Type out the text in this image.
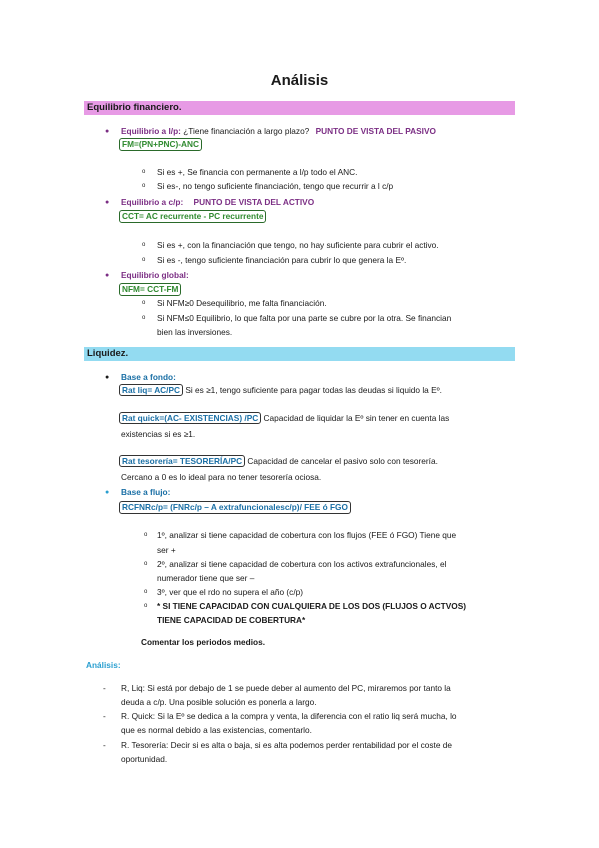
Análisis
Equilibrio financiero.
● Equilibrio a l/p: ¿Tiene financiación a largo plazo? PUNTO DE VISTA DEL PASIVO
FM=(PN+PNC)-ANC
o Si es +, Se financia con permanente a l/p todo el ANC.
o Si es-, no tengo suficiente financiación, tengo que recurrir a l c/p
● Equilibrio a c/p: PUNTO DE VISTA DEL ACTIVO
CCT= AC recurrente - PC recurrente
o Si es +, con la financiación que tengo, no hay suficiente para cubrir el activo.
o Si es -, tengo suficiente financiación para cubrir lo que genera la Eº.
● Equilibrio global:
NFM= CCT-FM
o Si NFM≥0 Desequilibrio, me falta financiación.
o Si NFM≤0 Equilibrio, lo que falta por una parte se cubre por la otra. Se financian
bien las inversiones.
Liquidez.
● Base a fondo:
Rat liq= AC/PC Si es ≥1, tengo suficiente para pagar todas las deudas si liquido la Eº.
Rat quick=(AC- EXISTENCIAS) /PC Capacidad de liquidar la Eº sin tener en cuenta las
existencias si es ≥1.
Rat tesorería= TESORERÍA/PC Capacidad de cancelar el pasivo solo con tesorería.
Cercano a 0 es lo ideal para no tener tesorería ociosa.
● Base a flujo:
RCFNRc/p= (FNRc/p – A extrafuncionalesc/p)/ FEE ó FGO
o 1º, analizar si tiene capacidad de cobertura con los flujos (FEE ó FGO) Tiene que
ser +
o 2º, analizar si tiene capacidad de cobertura con los activos extrafuncionales, el
numerador tiene que ser –
o 3º, ver que el rdo no supera el año (c/p)
o * SI TIENE CAPACIDAD CON CUALQUIERA DE LOS DOS (FLUJOS O ACTVOS)
TIENE CAPACIDAD DE COBERTURA*
Comentar los periodos medios.
Análisis:
- R, Liq: Si está por debajo de 1 se puede deber al aumento del PC, miraremos por tanto la
deuda a c/p. Una posible solución es ponerla a largo.
- R. Quick: Si la Eº se dedica a la compra y venta, la diferencia con el ratio liq será mucha, lo
que es normal debido a las existencias, comentarlo.
- R. Tesorería: Decir si es alta o baja, si es alta podemos perder rentabilidad por el coste de
oportunidad.
